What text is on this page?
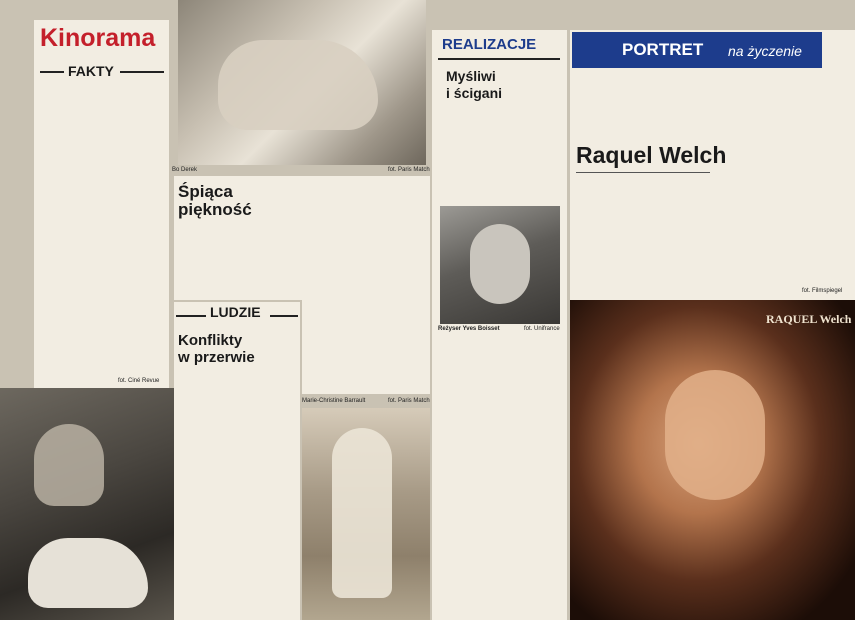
Kinorama
FAKTY
fot. Ciné Revue
Bo Derek	fot. Paris Match
Śpiąca
piękność
LUDZIE
Konflikty
w przerwie
Marie-Christine Barrault	fot. Paris Match
REALIZACJE
Myśliwi
i ścigani
Reżyser Yves Boisset	fot. Unifrance
PORTRET na życzenie
Raquel Welch
fot. Filmspiegel
RAQUEL Welch
